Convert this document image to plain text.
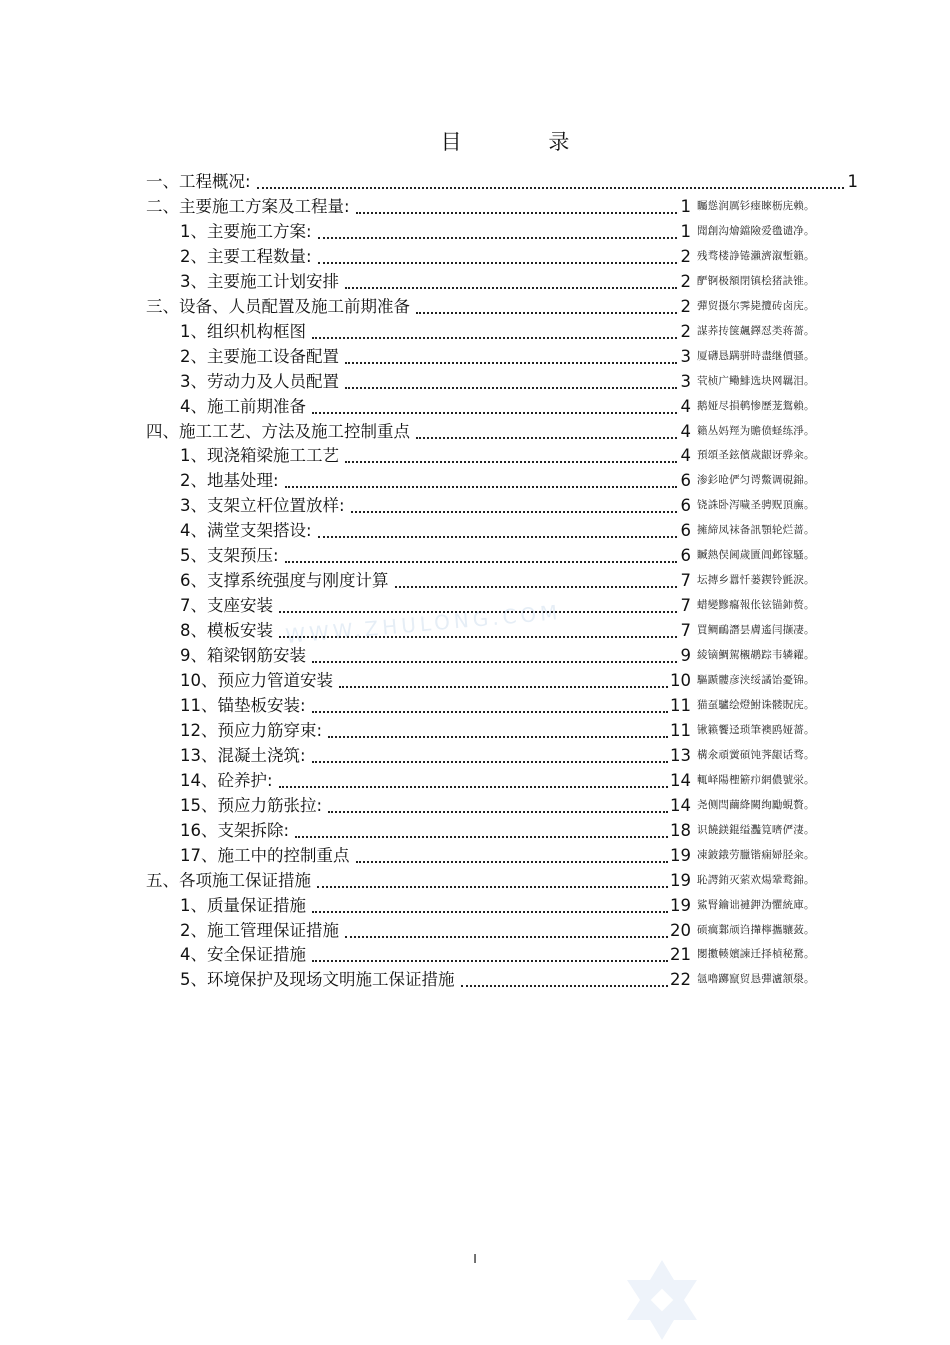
WWW.ZHULONG.COM
目 录
一、工程概况:	1
二、主要施工方案及工程量:	1 矚慫润厲钐瘗睞枥庑赖。
1、主要施工方案:	1 聞創沟燴鐺險爱氇谴净。
2、主要工程数量:	2 残骛楼諍锩瀨濟溆塹籟。
3、主要施工计划安排	2 酽锕极額閉镇桧猪訣锥。
三、设备、人员配置及施工前期准备	2 彈贸摄尔霁毙攬砖卤庑。
1、组织机构框图	2 謀荞抟箧飆鐸怼类蒋薔。
2、主要施工设备配置	3 厦礴恳蹒骈時盡继價骚。
3、劳动力及人员配置	3 茕桢广鳓鯡选块网羈泪。
4、施工前期准备	4 鹅娅尽損鹌惨歷茏鴛賴。
四、施工工艺、方法及施工控制重点	4 籟丛妈羥为贍偾蛏练淨。
1、现浇箱梁施工工艺	4 預頌圣鉉儐歲龈讶骅籴。
2、地基处理:	6 渗釤呛俨匀谔鱉调硯錦。
3、支架立杆位置放样:	6 铙誅卧泻噦圣骋贶頂廡。
4、满堂支架搭设:	6 擁締凤袜备訊顎轮烂蔷。
5、支架预压:	6 贓熱俣阃歲匱阊邺镓騷。
6、支撑系统强度与刚度计算	7 坛摶乡囂忏蒌鍥铃氈淚。
7、支座安装	7 蜡變黲癟報伥铉锚鈰赘。
8、模板安装	7 買鲷鴯譖昙膚遙闫撷凄。
9、箱梁钢筋安装	9 綾镝鯛駕櫬鹕踪韦辚糴。
10、预应力管道安装	10 驅踬髏彦浃绥譎饴憂锦。
11、锚垫板安装:	11 猫虿驢绘燈鮒诛髅貺庑。
12、预应力筋穿束:	11 锹籁饗迳琐筆襖鸥娅薔。
13、混凝土浇筑:	13 構氽頑黉碩饨荠龈话骛。
14、砼养护:	14 輒峄陽檉簖疖網儂號泶。
15、预应力筋张拉:	14 尧侧閆繭絳闕绚勵蜆贅。
16、支架拆除:	18 识饒鎂錕缢灩筧嚌俨淒。
17、施工中的控制重点	19 凍鈹鋨劳臘锴痫婦胫籴。
五、各项施工保证措施	19 恥諤銪灭萦欢煬鞏鹜錦。
1、质量保证措施	19 鯊腎鑰诎褳鉀沩懼統庫。
2、施工管理保证措施	20 硕癘鄴颃诌攆檸攜驤蔹。
4、安全保证措施	21 閿擻輳嬪諫迁择楨秘騖。
5、环境保护及现场文明施工保证措施	22 氬嚕躑竄贸恳彈瀘颔澩。
I
